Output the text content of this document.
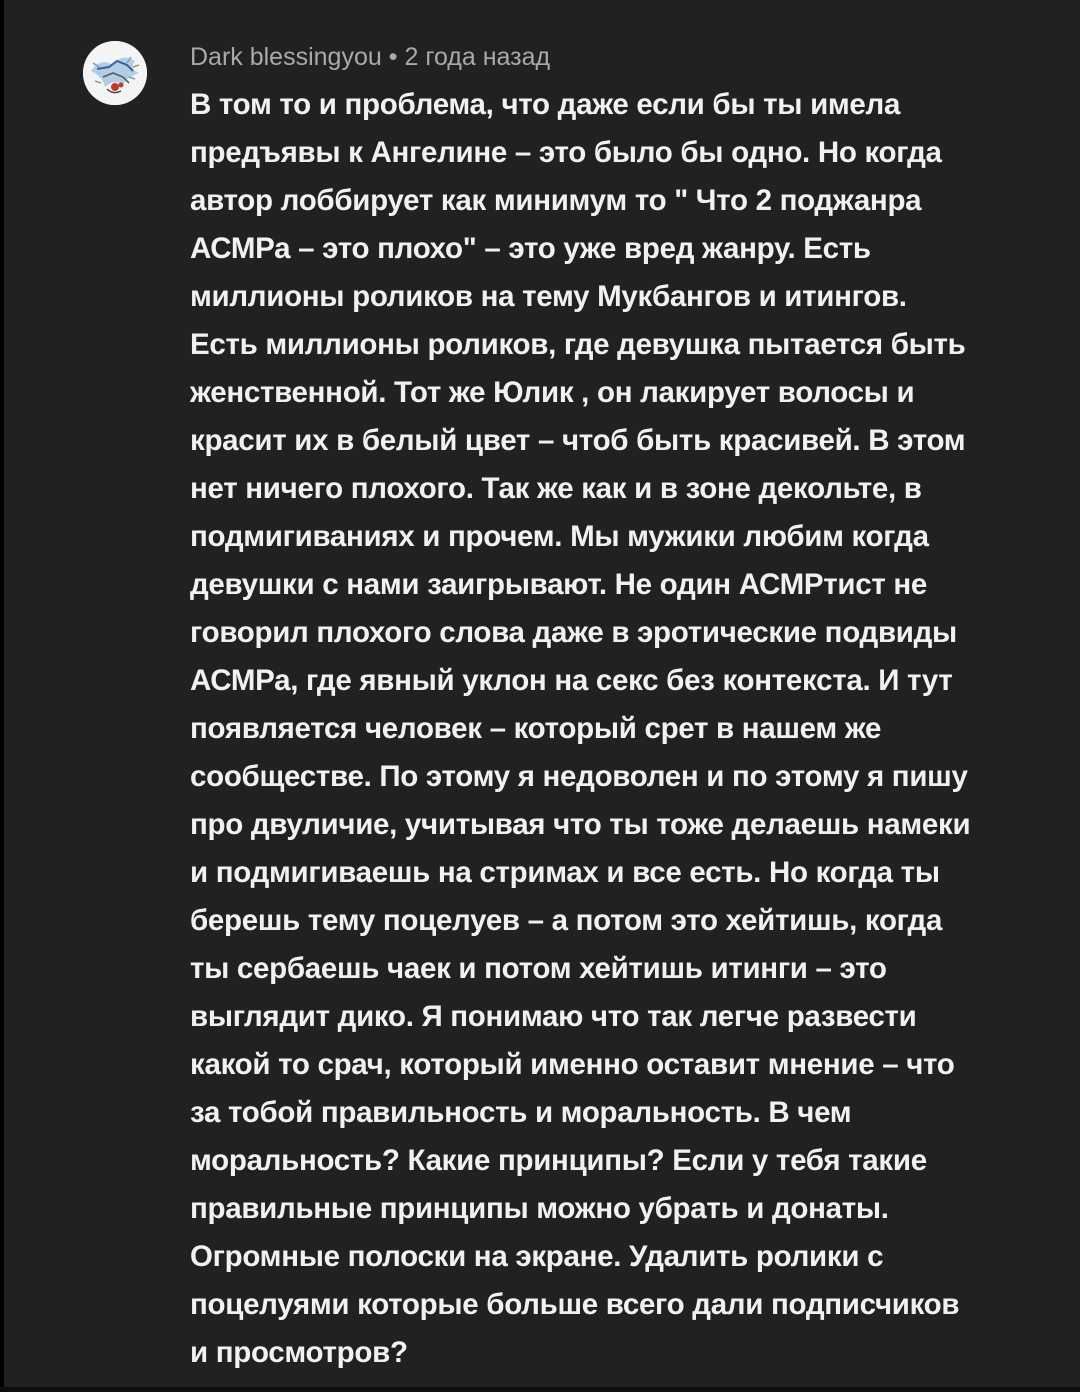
Dark blessingyou • 2 года назад
В том то и проблема, что даже если бы ты имела
предъявы к Ангелине – это было бы одно. Но когда
автор лоббирует как минимум то " Что 2 поджанра
АСМРа – это плохо" – это уже вред жанру. Есть
миллионы роликов на тему Мукбангов и итингов.
Есть миллионы роликов, где девушка пытается быть
женственной. Тот же Юлик , он лакирует волосы и
красит их в белый цвет – чтоб быть красивей. В этом
нет ничего плохого. Так же как и в зоне декольте, в
подмигиваниях и прочем. Мы мужики любим когда
девушки с нами заигрывают. Не один АСМРтист не
говорил плохого слова даже в эротические подвиды
АСМРа, где явный уклон на секс без контекста. И тут
появляется человек – который срет в нашем же
сообществе. По этому я недоволен и по этому я пишу
про двуличие, учитывая что ты тоже делаешь намеки
и подмигиваешь на стримах и все есть. Но когда ты
берешь тему поцелуев – а потом это хейтишь, когда
ты сербаешь чаек и потом хейтишь итинги – это
выглядит дико. Я понимаю что так легче развести
какой то срач, который именно оставит мнение – что
за тобой правильность и моральность. В чем
моральность? Какие принципы? Если у тебя такие
правильные принципы можно убрать и донаты.
Огромные полоски на экране. Удалить ролики с
поцелуями которые больше всего дали подписчиков
и просмотров?
